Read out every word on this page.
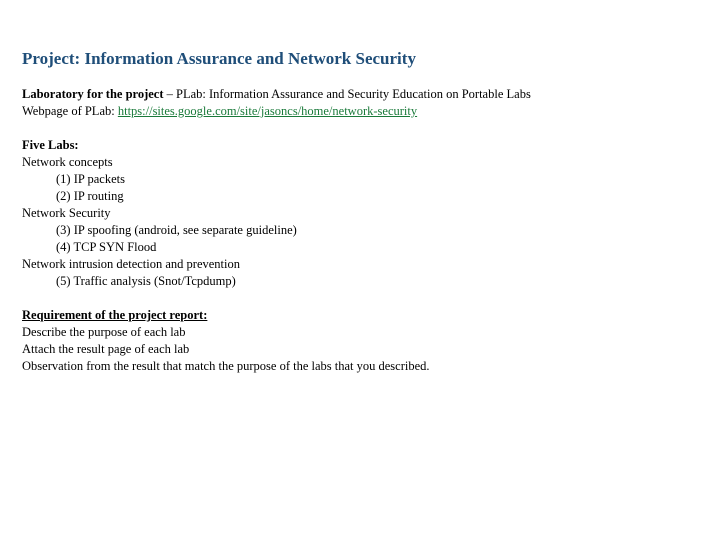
Project: Information Assurance and Network Security
Laboratory for the project – PLab: Information Assurance and Security Education on Portable Labs
Webpage of PLab: https://sites.google.com/site/jasoncs/home/network-security
Five Labs:
Network concepts
(1) IP packets
(2) IP routing
Network Security
(3) IP spoofing (android, see separate guideline)
(4) TCP SYN Flood
Network intrusion detection and prevention
(5) Traffic analysis (Snot/Tcpdump)
Requirement of the project report:
Describe the purpose of each lab
Attach the result page of each lab
Observation from the result that match the purpose of the labs that you described.
